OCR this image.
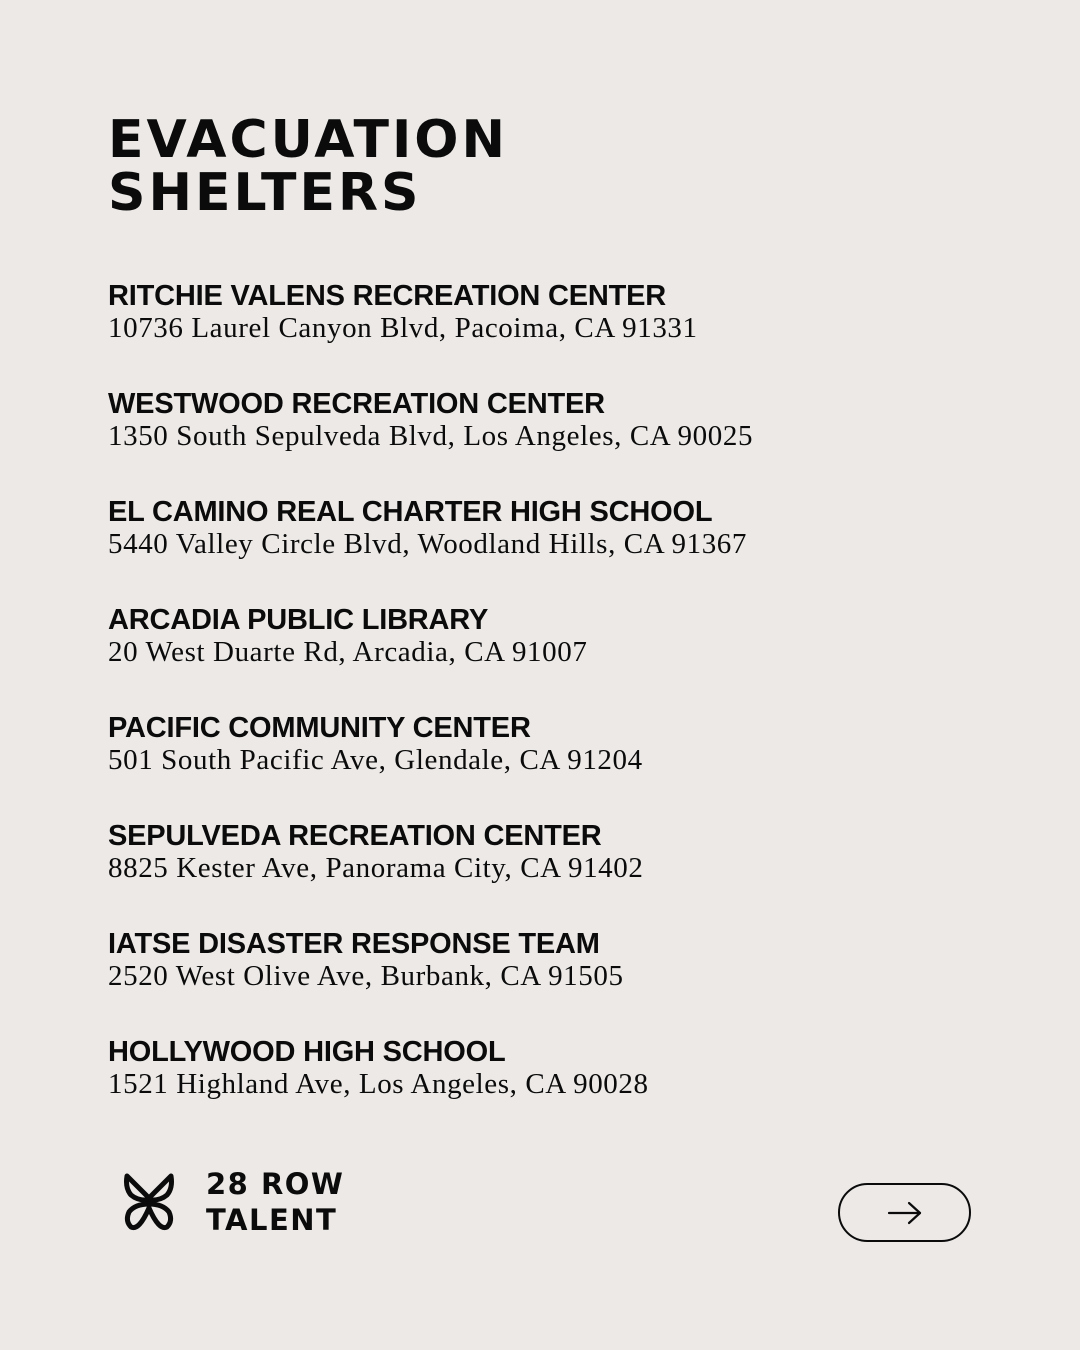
EVACUATION
SHELTERS
RITCHIE VALENS RECREATION CENTER
10736 Laurel Canyon Blvd, Pacoima, CA 91331
WESTWOOD RECREATION CENTER
1350 South Sepulveda Blvd, Los Angeles, CA 90025
EL CAMINO REAL CHARTER HIGH SCHOOL
5440 Valley Circle Blvd, Woodland Hills, CA 91367
ARCADIA PUBLIC LIBRARY
20 West Duarte Rd, Arcadia, CA 91007
PACIFIC COMMUNITY CENTER
501 South Pacific Ave, Glendale, CA 91204
SEPULVEDA RECREATION CENTER
8825 Kester Ave, Panorama City, CA 91402
IATSE DISASTER RESPONSE TEAM
2520 West Olive Ave, Burbank, CA 91505
HOLLYWOOD HIGH SCHOOL
1521 Highland Ave, Los Angeles, CA 90028
28 ROW
TALENT
